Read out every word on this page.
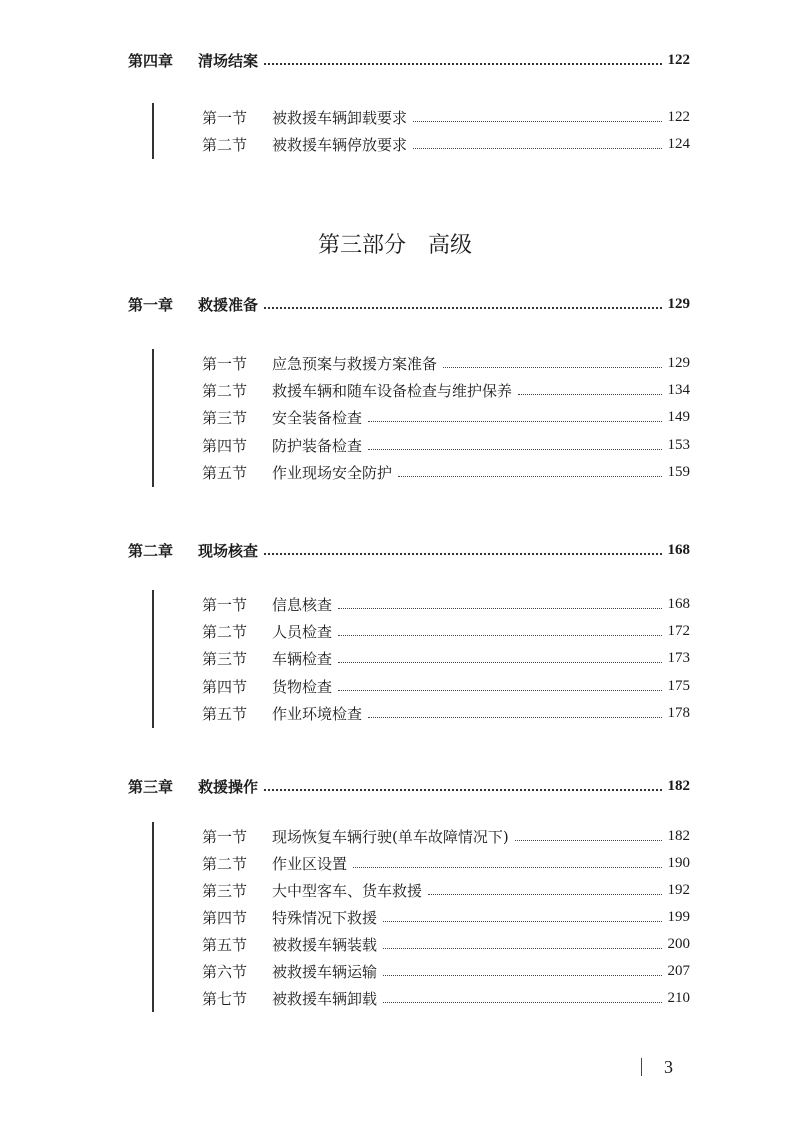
第四章	清场结案	122
第一节	被救援车辆卸载要求	122
第二节	被救援车辆停放要求	124
第三部分　高级
第一章	救援准备	129
第一节	应急预案与救援方案准备	129
第二节	救援车辆和随车设备检查与维护保养	134
第三节	安全装备检查	149
第四节	防护装备检查	153
第五节	作业现场安全防护	159
第二章	现场核查	168
第一节	信息核查	168
第二节	人员检查	172
第三节	车辆检查	173
第四节	货物检查	175
第五节	作业环境检查	178
第三章	救援操作	182
第一节	现场恢复车辆行驶(单车故障情况下)	182
第二节	作业区设置	190
第三节	大中型客车、货车救援	192
第四节	特殊情况下救援	199
第五节	被救援车辆装载	200
第六节	被救援车辆运输	207
第七节	被救援车辆卸载	210
3
